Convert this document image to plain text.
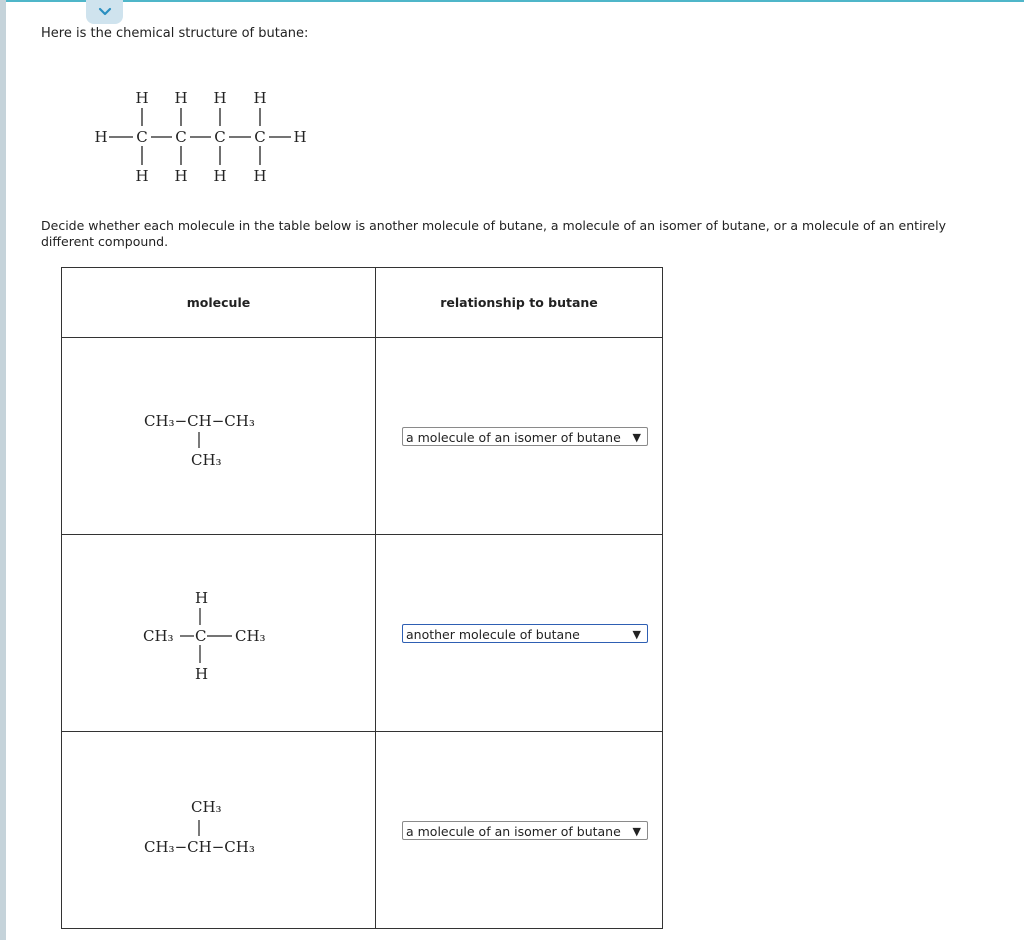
Here is the chemical structure of butane:

H H H H
H C C C C H
H H H H

Decide whether each molecule in the table below is another molecule of butane, a molecule of an isomer of butane, or a molecule of an entirely different compound.

molecule	relationship to butane

CH₃−CH−CH₃
CH₃	a molecule of an isomer of butane ▼

H
CH₃ C CH₃
H	another molecule of butane ▼

CH₃
CH₃−CH−CH₃	a molecule of an isomer of butane ▼
